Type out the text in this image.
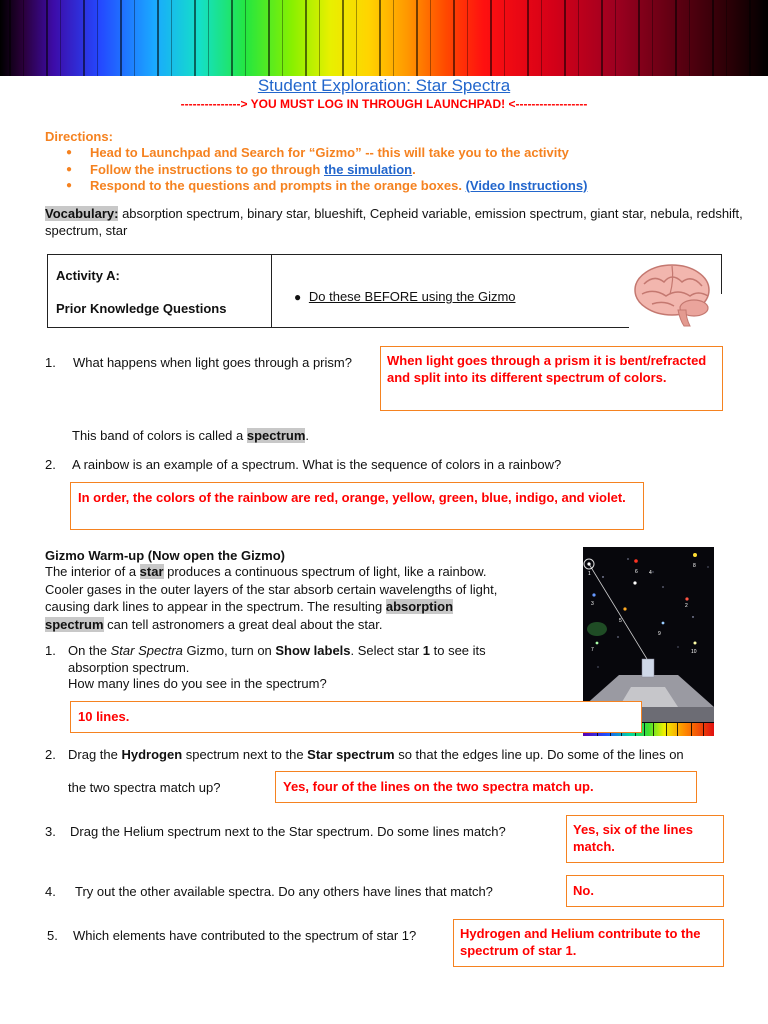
Student Exploration: Star Spectra
---------------> YOU MUST LOG IN THROUGH LAUNCHPAD! <------------------
Directions:
● Head to Launchpad and Search for “Gizmo” -- this will take you to the activity
● Follow the instructions to go through the simulation.
● Respond to the questions and prompts in the orange boxes. (Video Instructions)
Vocabulary: absorption spectrum, binary star, blueshift, Cepheid variable, emission spectrum, giant star, nebula, redshift, spectrum, star
Activity A:
Prior Knowledge Questions
● Do these BEFORE using the Gizmo
1. What happens when light goes through a prism?	When light goes through a prism it is bent/refracted and split into its different spectrum of colors.
This band of colors is called a spectrum.
2. A rainbow is an example of a spectrum. What is the sequence of colors in a rainbow?
In order, the colors of the rainbow are red, orange, yellow, green, blue, indigo, and violet.
Gizmo Warm-up (Now open the Gizmo)
The interior of a star produces a continuous spectrum of light, like a rainbow. Cooler gases in the outer layers of the star absorb certain wavelengths of light, causing dark lines to appear in the spectrum. The resulting absorption spectrum can tell astronomers a great deal about the star.
1
2
3
4
5
6
7
8
9
10
1. On the Star Spectra Gizmo, turn on Show labels. Select star 1 to see its absorption spectrum.
How many lines do you see in the spectrum?
10 lines.
2. Drag the Hydrogen spectrum next to the Star spectrum so that the edges line up. Do some of the lines on
the two spectra match up?	Yes, four of the lines on the two spectra match up.
3. Drag the Helium spectrum next to the Star spectrum. Do some lines match?	Yes, six of the lines match.
4. Try out the other available spectra. Do any others have lines that match?	No.
5. Which elements have contributed to the spectrum of star 1?	Hydrogen and Helium contribute to the spectrum of star 1.
